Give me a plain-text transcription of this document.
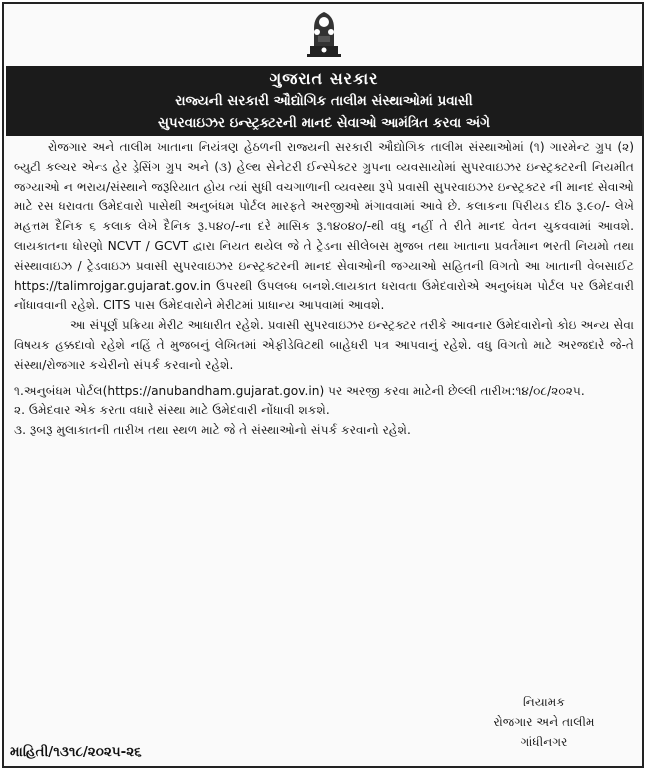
ગુજરાત સરકાર
રાજ્યની સરકારી ઔદ્યોગિક તાલીમ સંસ્થાઓમાં પ્રવાસી
સુપરવાઇઝર ઇન્સ્ટ્રક્ટરની માનદ સેવાઓ આમંત્રિત કરવા અંગે

રોજગાર અને તાલીમ ખાતાના નિયંત્રણ હેઠળની રાજ્યની સરકારી ઔદ્યોગિક તાલીમ સંસ્થાઓમાં (૧) ગારમેન્ટ ગ્રુપ (૨) બ્યુટી કલ્ચર એન્ડ હેર ડ્રેસિંગ ગ્રુપ અને (૩) હેલ્થ સેનેટરી ઈન્સ્પેક્ટર ગ્રુપના વ્યવસાયોમાં સુપરવાઇઝર ઇન્સ્ટ્રક્ટરની નિયમીત જગ્યાઓ ન ભરાય/સંસ્થાને જરૂરિયાત હોય ત્યાં સુધી વચગાળાની વ્યવસ્થા રૂપે પ્રવાસી સુપરવાઇઝર ઇન્સ્ટ્રક્ટર ની માનદ સેવાઓ માટે રસ ધરાવતા ઉમેદવારો પાસેથી અનુબંધમ પોર્ટલ મારફતે અરજીઓ મંગાવવામાં આવે છે. કલાકના પિરીયડ દીઠ રૂ.૯૦/- લેખે મહત્તમ દૈનિક ૬ કલાક લેખે દૈનિક રૂ.૫૪૦/-ના દરે માસિક રૂ.૧૪૦૪૦/-થી વધુ નહીં તે રીતે માનદ વેતન ચુકવવામાં આવશે. લાયકાતના ધોરણો NCVT / GCVT દ્વારા નિયત થયેલ જે તે ટ્રેડના સીલેબસ મુજબ તથા ખાતાના પ્રવર્તમાન ભરતી નિયમો તથા સંસ્થાવાઇઝ / ટ્રેડવાઇઝ પ્રવાસી સુપરવાઇઝર ઇન્સ્ટ્રક્ટરની માનદ સેવાઓની જગ્યાઓ સહિતની વિગતો આ ખાતાની વેબસાઈટ https://talimrojgar.gujarat.gov.in ઉપરથી ઉપલબ્ધ બનશે.લાયકાત ધરાવતા ઉમેદવારોએ અનુબંધમ પોર્ટલ પર ઉમેદવારી નોંધાવવાની રહેશે. CITS પાસ ઉમેદવારોને મેરીટમાં પ્રાધાન્ય આપવામાં આવશે.

આ સંપૂર્ણ પ્રક્રિયા મેરીટ આધારીત રહેશે. પ્રવાસી સુપરવાઇઝર ઇન્સ્ટ્રક્ટર તરીકે આવનાર ઉમેદવારોનો કોઇ અન્ય સેવા વિષયક હક્કદાવો રહેશે નહિં તે મુજબનું લેખિતમાં એફીડેવિટથી બાહેધરી પત્ર આપવાનું રહેશે. વધુ વિગતો માટે અરજદારે જે-તે સંસ્થા/રોજગાર કચેરીનો સંપર્ક કરવાનો રહેશે.

૧.અનુબંધમ પોર્ટલ(https://anubandham.gujarat.gov.in) પર અરજી કરવા માટેની છેલ્લી તારીખ:૧૪/૦૮/૨૦૨૫.
૨. ઉમેદવાર એક કરતા વધારે સંસ્થા માટે ઉમેદવારી નોંધાવી શકશે.
૩. રૂબરૂ મુલાકાતની તારીખ તથા સ્થળ માટે જે તે સંસ્થાઓનો સંપર્ક કરવાનો રહેશે.
નિયામક
રોજગાર અને તાલીમ
ગાંધીનગર
માહિતી/૧૩૧૮/૨૦૨૫-૨૬
